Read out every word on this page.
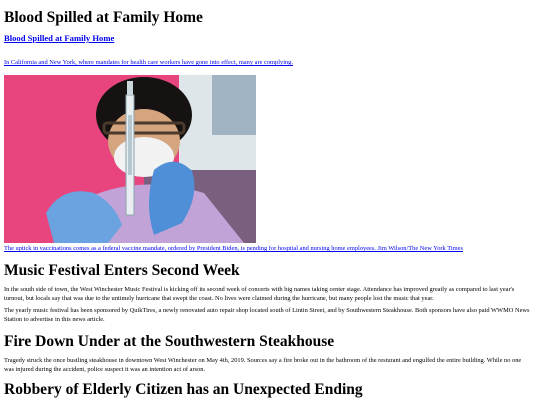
Blood Spilled at Family Home
Blood Spilled at Family Home
In California and New York, where mandates for health care workers have gone into effect, many are complying.
The uptick in vaccinations comes as a federal vaccine mandate, ordered by President Biden, is pending for hospital and nursing home employees. Jim Wilson/The New York Times
Music Festival Enters Second Week

In the south side of town, the West Winchester Music Festival is kicking off its second week of concerts with big names taking center stage. Attendance has improved greatly as compared to last year's turnout, but locals say that was due to the untimely hurricane that swept the coast. No lives were claimed during the hurricane, but many people lost the music that year.

The yearly music festival has been sponsored by QuikTires, a newly renovated auto repair shop located south of Lintin Street, and by Southwestern Steakhouse. Both sponsors have also paid WWMO News Station to advertise in this news article.

Fire Down Under at the Southwestern Steakhouse

Tragedy struck the once bustling steakhouse in downtown West Winchester on May 4th, 2019. Sources say a fire broke out in the bathroom of the resturant and engulfed the entire building. While no one was injured during the accident, police suspect it was an intention act of arson.

Robbery of Elderly Citizen has an Unexpected Ending
